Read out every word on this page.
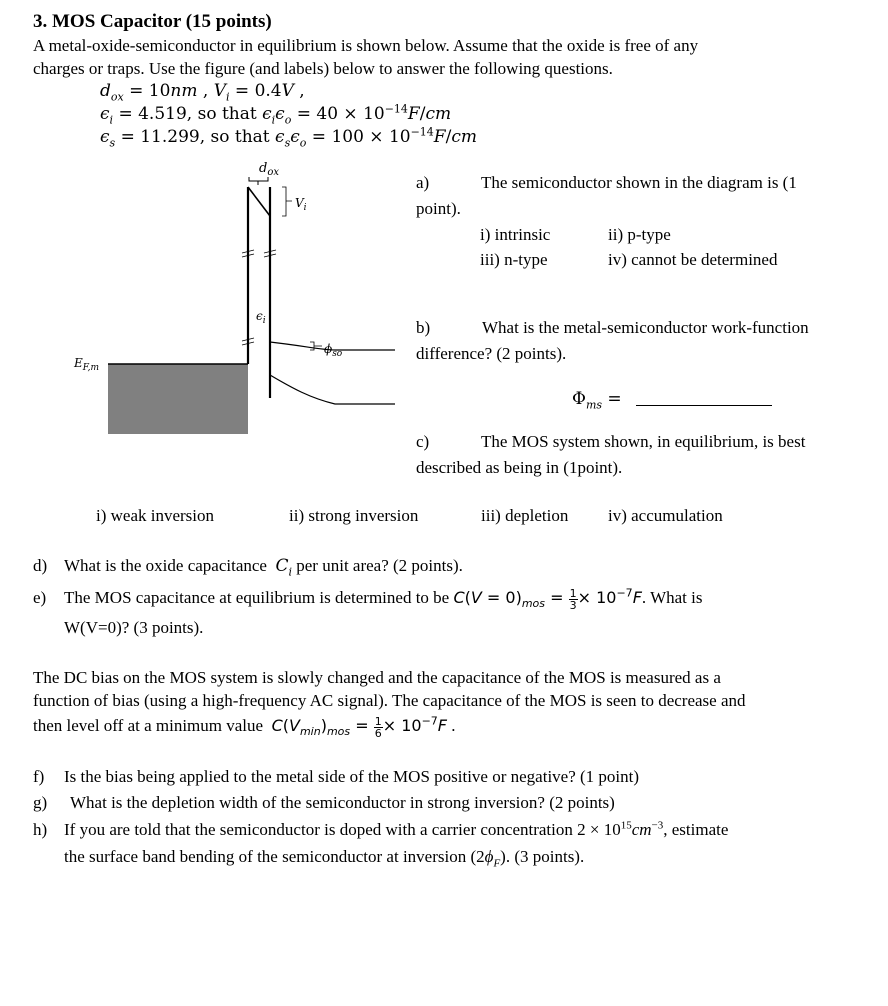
3. MOS Capacitor (15 points)
A metal-oxide-semiconductor in equilibrium is shown below. Assume that the oxide is free of any
charges or traps. Use the figure (and labels) below to answer the following questions.
$d_{ox} = 10nm$ , $V_i = 0.4V$ ,
$\epsilon_i = 4.519$, so that $\epsilon_i\epsilon_o = 40 \times 10^{-14}F/cm$
$\epsilon_s = 11.299$, so that $\epsilon_s\epsilon_o = 100 \times 10^{-14}F/cm$
$d_{ox}$
$E_{F,m}$
$V_i$
$\epsilon_i$
$\phi_{so}$
a)	The semiconductor shown in the diagram is (1
point).
i) intrinsic	ii) p-type
iii) n-type	iv) cannot be determined
b)	What is the metal-semiconductor work-function
difference? (2 points).
$\Phi_{ms}$ =
c)	The MOS system shown, in equilibrium, is best
described as being in (1point).
i) weak inversion	ii) strong inversion	iii) depletion iv) accumulation
d) What is the oxide capacitance $C_i$ per unit area? (2 points).
e) The MOS capacitance at equilibrium is determined to be $C(V = 0)_{mos} = \frac{1}{3} \times 10^{-7}F$. What is
W(V=0)? (3 points).
The DC bias on the MOS system is slowly changed and the capacitance of the MOS is measured as a
function of bias (using a high-frequency AC signal). The capacitance of the MOS is seen to decrease and
then level off at a minimum value $C(V_{min})_{mos} = \frac{1}{6} \times 10^{-7}F$ .
f) Is the bias being applied to the metal side of the MOS positive or negative? (1 point)
g) What is the depletion width of the semiconductor in strong inversion? (2 points)
h) If you are told that the semiconductor is doped with a carrier concentration $2 \times 10^{15}cm^{-3}$, estimate
the surface band bending of the semiconductor at inversion $(2\phi_F)$. (3 points).
